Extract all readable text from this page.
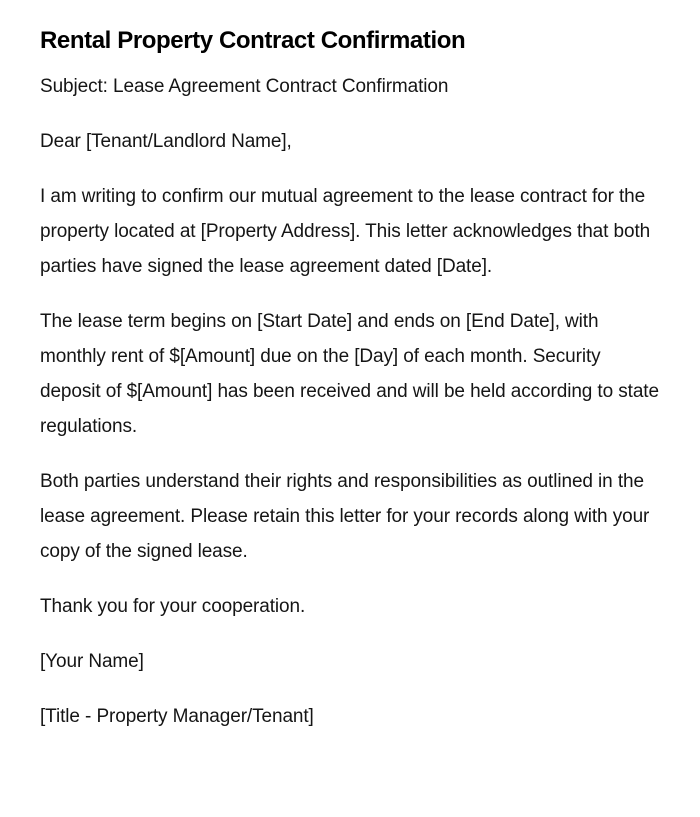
Rental Property Contract Confirmation

Subject: Lease Agreement Contract Confirmation

Dear [Tenant/Landlord Name],

I am writing to confirm our mutual agreement to the lease contract for the property located at [Property Address]. This letter acknowledges that both parties have signed the lease agreement dated [Date].

The lease term begins on [Start Date] and ends on [End Date], with monthly rent of $[Amount] due on the [Day] of each month. Security deposit of $[Amount] has been received and will be held according to state regulations.

Both parties understand their rights and responsibilities as outlined in the lease agreement. Please retain this letter for your records along with your copy of the signed lease.

Thank you for your cooperation.

[Your Name]

[Title - Property Manager/Tenant]
